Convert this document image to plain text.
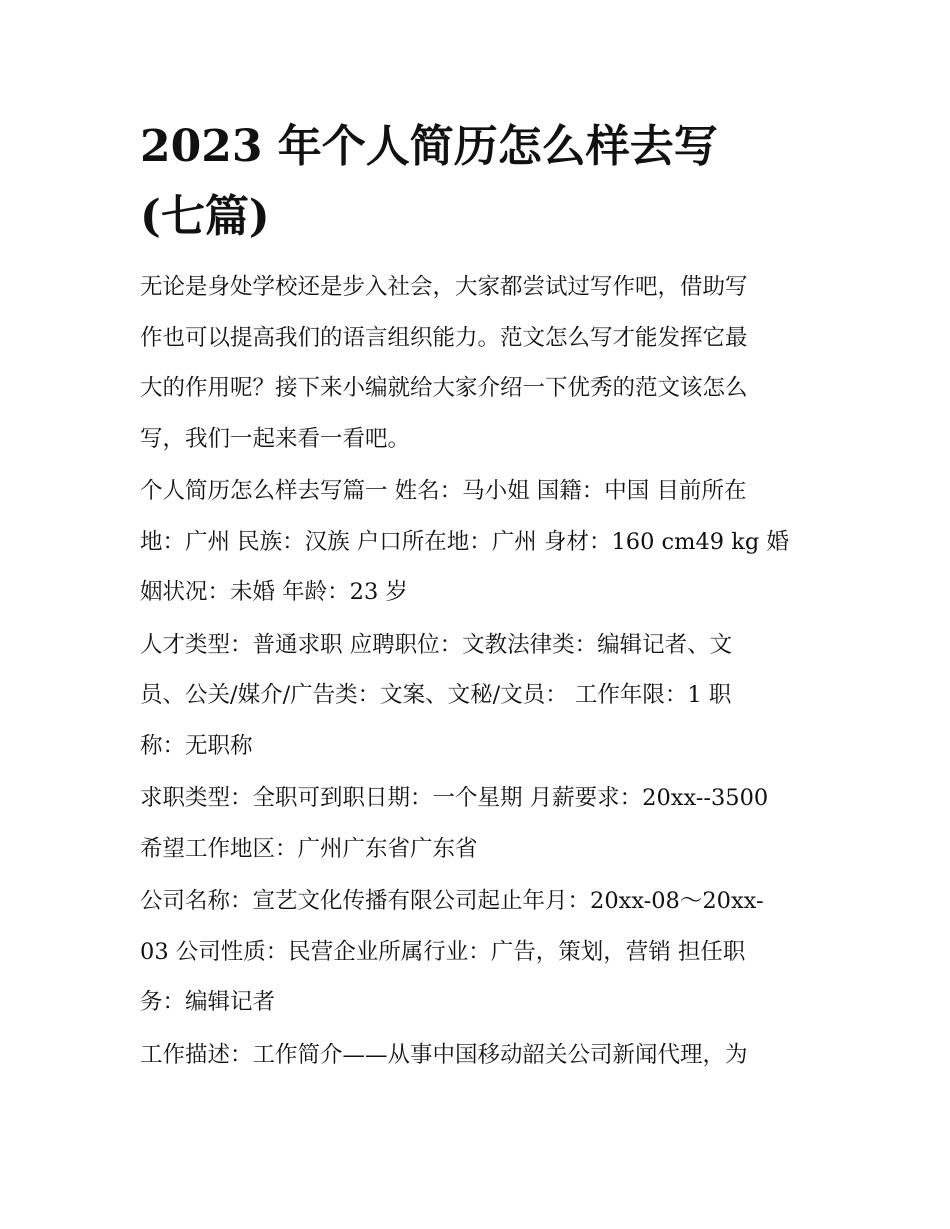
2023 年个人简历怎么样去写
(七篇)

无论是身处学校还是步入社会，大家都尝试过写作吧，借助写
作也可以提高我们的语言组织能力。范文怎么写才能发挥它最
大的作用呢？接下来小编就给大家介绍一下优秀的范文该怎么
写，我们一起来看一看吧。

个人简历怎么样去写篇一 姓名：马小姐 国籍：中国 目前所在
地：广州 民族：汉族 户口所在地：广州 身材：160 cm49 kg 婚
姻状况：未婚 年龄：23 岁

人才类型：普通求职 应聘职位：文教法律类：编辑记者、文
员、公关/媒介/广告类：文案、文秘/文员： 工作年限：1 职
称：无职称

求职类型：全职可到职日期：一个星期 月薪要求：20xx--3500
希望工作地区：广州广东省广东省

公司名称：宣艺文化传播有限公司起止年月：20xx-08～20xx-
03 公司性质：民营企业所属行业：广告，策划，营销 担任职
务：编辑记者

工作描述：工作简介——从事中国移动韶关公司新闻代理，为
